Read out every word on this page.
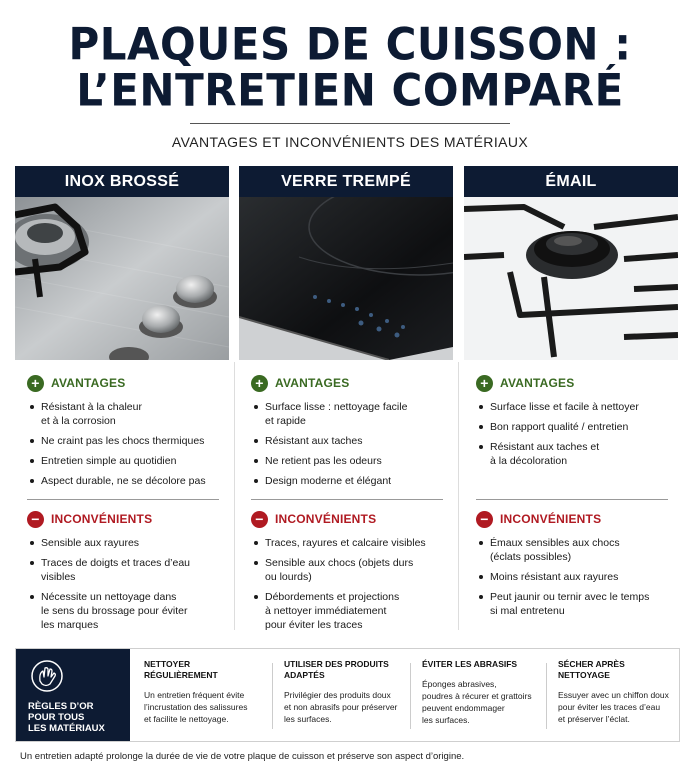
PLAQUES DE CUISSON :
L’ENTRETIEN COMPARÉ
AVANTAGES ET INCONVÉNIENTS DES MATÉRIAUX
INOX BROSSÉ	VERRE TREMPÉ	ÉMAIL
+ AVANTAGES
Résistant à la chaleur
et à la corrosion
Ne craint pas les chocs thermiques
Entretien simple au quotidien
Aspect durable, ne se décolore pas
− INCONVÉNIENTS
Sensible aux rayures
Traces de doigts et traces d’eau
visibles
Nécessite un nettoyage dans
le sens du brossage pour éviter
les marques
+ AVANTAGES
Surface lisse : nettoyage facile
et rapide
Résistant aux taches
Ne retient pas les odeurs
Design moderne et élégant
− INCONVÉNIENTS
Traces, rayures et calcaire visibles
Sensible aux chocs (objets durs
ou lourds)
Débordements et projections
à nettoyer immédiatement
pour éviter les traces
+ AVANTAGES
Surface lisse et facile à nettoyer
Bon rapport qualité / entretien
Résistant aux taches et
à la décoloration
− INCONVÉNIENTS
Émaux sensibles aux chocs
(éclats possibles)
Moins résistant aux rayures
Peut jaunir ou ternir avec le temps
si mal entretenu
RÈGLES D’OR
POUR TOUS
LES MATÉRIAUX
NETTOYER RÉGULIÈREMENT
Un entretien fréquent évite
l’incrustation des salissures
et facilite le nettoyage.
UTILISER DES PRODUITS
ADAPTÉS
Privilégier des produits doux
et non abrasifs pour préserver
les surfaces.
ÉVITER LES ABRASIFS
Éponges abrasives,
poudres à récurer et grattoirs
peuvent endommager
les surfaces.
SÉCHER APRÈS NETTOYAGE
Essuyer avec un chiffon doux
pour éviter les traces d’eau
et préserver l’éclat.
Un entretien adapté prolonge la durée de vie de votre plaque de cuisson et préserve son aspect d’origine.
